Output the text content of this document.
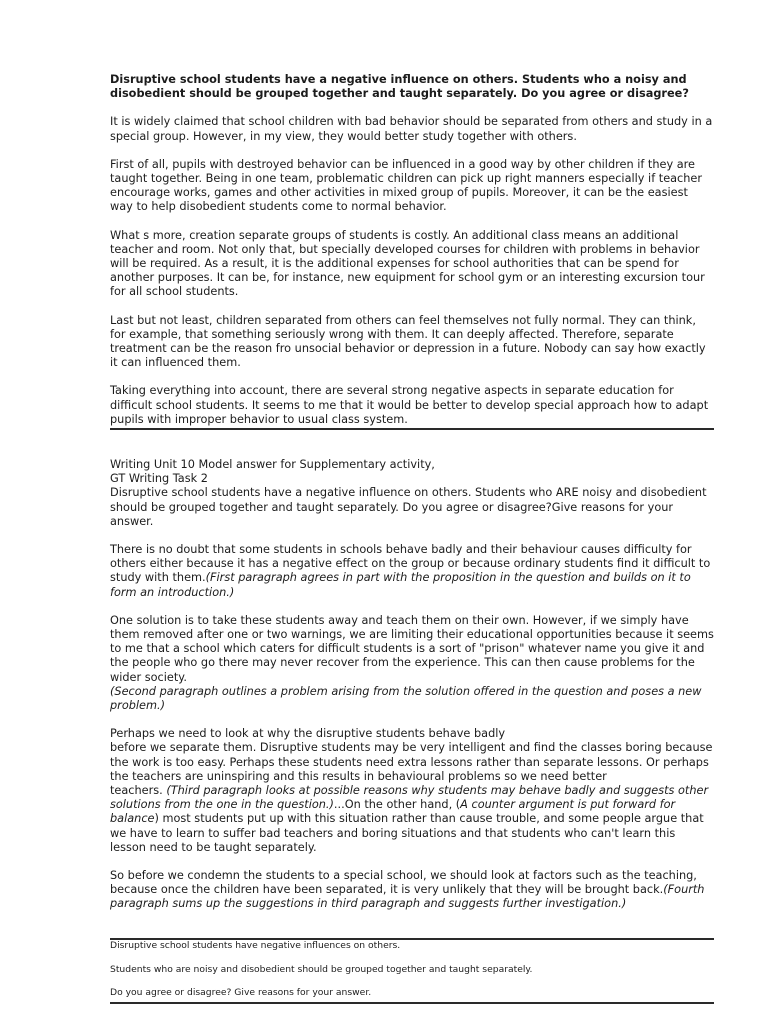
Disruptive school students have a negative influence on others. Students who a noisy and disobedient should be grouped together and taught separately. Do you agree or disagree?

It is widely claimed that school children with bad behavior should be separated from others and study in a special group. However, in my view, they would better study together with others.

First of all, pupils with destroyed behavior can be influenced in a good way by other children if they are taught together. Being in one team, problematic children can pick up right manners especially if teacher encourage works, games and other activities in mixed group of pupils. Moreover, it can be the easiest way to help disobedient students come to normal behavior.

What s more, creation separate groups of students is costly. An additional class means an additional teacher and room. Not only that, but specially developed courses for children with problems in behavior will be required. As a result, it is the additional expenses for school authorities that can be spend for another purposes. It can be, for instance, new equipment for school gym or an interesting excursion tour for all school students.

Last but not least, children separated from others can feel themselves not fully normal. They can think, for example, that something seriously wrong with them. It can deeply affected. Therefore, separate treatment can be the reason fro unsocial behavior or depression in a future. Nobody can say how exactly it can influenced them.

Taking everything into account, there are several strong negative aspects in separate education for difficult school students. It seems to me that it would be better to develop special approach how to adapt pupils with improper behavior to usual class system.

Writing Unit 10 Model answer for Supplementary activity,
GT Writing Task 2
Disruptive school students have a negative influence on others. Students who ARE noisy and disobedient should be grouped together and taught separately. Do you agree or disagree?Give reasons for your answer.

There is no doubt that some students in schools behave badly and their behaviour causes difficulty for others either because it has a negative effect on the group or because ordinary students find it difficult to study with them.(First paragraph agrees in part with the proposition in the question and builds on it to form an introduction.)

One solution is to take these students away and teach them on their own. However, if we simply have them removed after one or two warnings, we are limiting their educational opportunities because it seems to me that a school which caters for difficult students is a sort of "prison" whatever name you give it and the people who go there may never recover from the experience. This can then cause problems for the wider society.
(Second paragraph outlines a problem arising from the solution offered in the question and poses a new problem.)

Perhaps we need to look at why the disruptive students behave badly
before we separate them. Disruptive students may be very intelligent and find the classes boring because the work is too easy. Perhaps these students need extra lessons rather than separate lessons. Or perhaps the teachers are uninspiring and this results in behavioural problems so we need better
teachers. (Third paragraph looks at possible reasons why students may behave badly and suggests other solutions from the one in the question.)...On the other hand, (A counter argument is put forward for balance) most students put up with this situation rather than cause trouble, and some people argue that we have to learn to suffer bad teachers and boring situations and that students who can't learn this lesson need to be taught separately.

So before we condemn the students to a special school, we should look at factors such as the teaching, because once the children have been separated, it is very unlikely that they will be brought back.(Fourth paragraph sums up the suggestions in third paragraph and suggests further investigation.)

Disruptive school students have negative influences on others.
Students who are noisy and disobedient should be grouped together and taught separately.
Do you agree or disagree? Give reasons for your answer.
